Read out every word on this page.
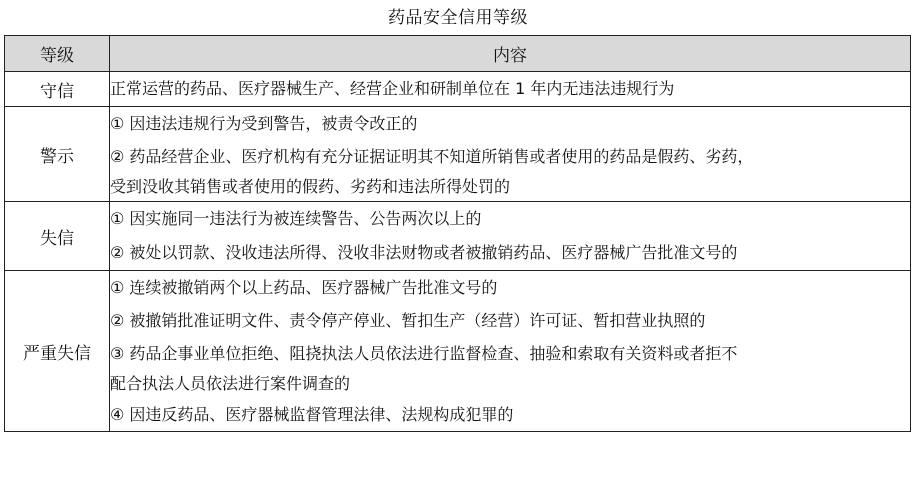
药品安全信用等级
等级	内容
守信	正常运营的药品、医疗器械生产、经营企业和研制单位在 1 年内无违法违规行为

警示	① 因违法违规行为受到警告，被责令改正的
② 药品经营企业、医疗机构有充分证据证明其不知道所销售或者使用的药品是假药、劣药，
受到没收其销售或者使用的假药、劣药和违法所得处罚的

失信	① 因实施同一违法行为被连续警告、公告两次以上的
② 被处以罚款、没收违法所得、没收非法财物或者被撤销药品、医疗器械广告批准文号的

严重失信	① 连续被撤销两个以上药品、医疗器械广告批准文号的
② 被撤销批准证明文件、责令停产停业、暂扣生产（经营）许可证、暂扣营业执照的
③ 药品企事业单位拒绝、阻挠执法人员依法进行监督检查、抽验和索取有关资料或者拒不
配合执法人员依法进行案件调查的
④ 因违反药品、医疗器械监督管理法律、法规构成犯罪的
